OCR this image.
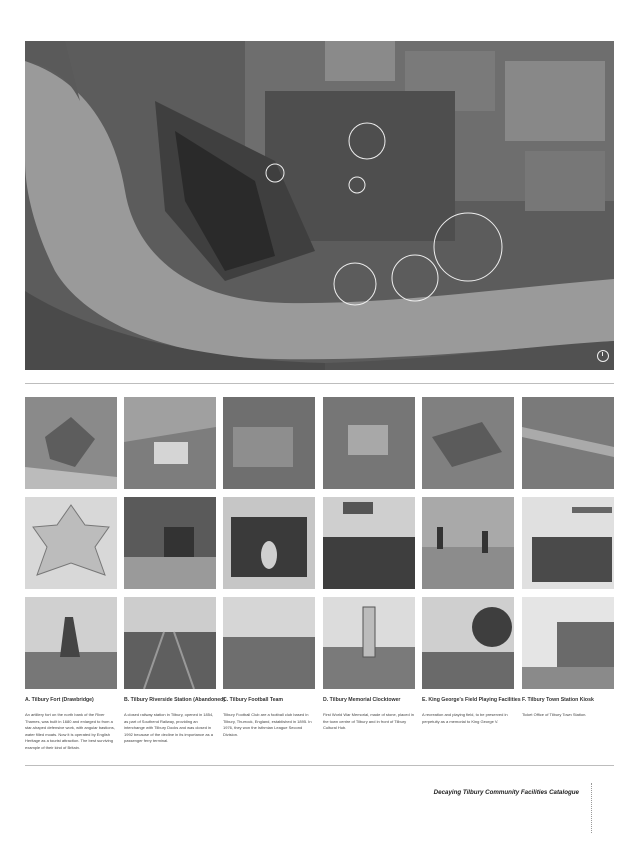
A. Tilbury Fort (Drawbridge)	B. Tilbury Riverside Station (Abandoned)
C. Tilbury Football Team	D. Tilbury Memorial Clocktower	E. King George's Field Playing Facilities F. Tilbury Town Station Kiosk
An artillery fort on the north bank of the River Thames, was built in 1680 and enlarged to from a star-shaped defensive work, with angular bastions, water filled moats. Now it is operated by English Heritage as a tourist attraction. The best surviving example of their kind of Britain.
A closed railway station in Tilbury, opened in 1854, as part of Southend Railway, providing an interchange with Tilbury Docks and was closed in 1992 because of the decline in its importance as a passenger ferry terminal.
Tilbury Football Club are a football club based in Tilbury, Thurrock, England, established in 1895. In 1976, they won the Isthmian League Second Division.
First World War Memorial, made of stone, placed in the town centre of Tilbury and in front of Tilbury Cultural Hub.
A recreation and playing field, to be preserved in perpetuity as a memorial to King George V.
Ticket Office of Tilbury Town Station.
Decaying Tilbury Community Facilities Catalogue
